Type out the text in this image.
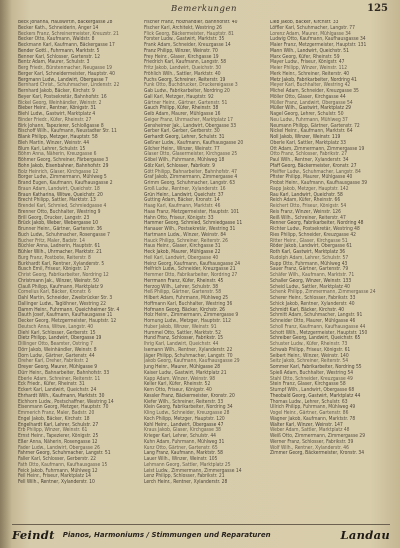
Bemerkungen	125

Beck Johanna, Hauswirtin, Bäckergasse 28

Becker Kath., Schneiderin, Anger 14

Beckers Franz, Schreinermeister, Kreuzstr. 21

Becker Otto, Kaufmann, Waldstr. 8

Beckmann Karl, Kaufmann, Bäckergasse 17

Bender Gottl., Fuhrmann, Marktstr. 5

Benner Karl, Schlosser, Gartenstr. 12

Bentz Adam, Maurer, Schulstr. 3

Berg Friedr., Bürstenmacher, Neugasse 19

Berger Karl, Schneidermeister, Hauptstr. 40

Bergmann Ludw., Landwirt, Obergasse 7

Bernhard Christ., Schuhmacher, Lindenstr. 22

Bernhard Jakob, Bäcker, Kirchstr. 9

Beyer Karl, Postsekretär, Bahnhofstr. 16

Bickel Georg, Weinhändler, Weinstr. 2

Bieber Heinr., Rentner, Königstr. 31

Biehl Ludw., Gastwirt, Marktplatz 4

Binder Friedr., Küfer, Rheinstr. 27

Birk Johann, Tapezierer, Schloßgasse 8

Bischoff Wilh., Kaufmann, Neustadter Str. 11

Blank Philipp, Metzger, Hauptstr. 58

Bleh Martin, Winzer, Weinstr. 44

Blum Karl, Lehrer, Schulstr. 15

Böhm Anna, Näherin, Kreuzgasse 6

Böhmer Georg, Schreiner, Färbergasse 3

Bohn Jakob, Eisenbahner, Bahnhofstr. 29

Bolz Heinrich, Glaser, Kirchgasse 12

Borger Ludw., Zimmermann, Mühlweg 5

Brand Eugen, Kaufmann, Kaufhausgasse 2

Braun Adam, Landwirt, Queichstr. 18

Braun Katharina, Witwe, Queichstr. 20

Brecht Philipp, Sattler, Marktstr. 13

Brendel Karl, Schmied, Schmiedgasse 4

Brenner Otto, Buchhalter, Westring 9

Brill Georg, Drucker, Langstr. 23

Brück Jakob, Weber, Webergasse 10

Brunner Heinr., Gärtner, Gartenstr. 36

Buch Ludw., Schuhmacher, Rosengasse 7

Bucher Fritz, Maler, Badstr. 14

Büchler Anna, Ladnerin, Hauptstr. 61

Bühler Wilh., Uhrmacher, Marktstr. 21

Burg Franz, Postbote, Reiterstr. 8

Burkhardt Karl, Rentner, Xylanderstr. 5

Busch Emil, Friseur, Königstr. 17

Christ Georg, Fabrikarbeiter, Nordring 12

Christmann Jak., Winzer, Weinstr. 50

Clauß Philipp, Kaufmann, Marktplatz 9

Cornelius Karl, Bäcker, Kronstr. 6

Dahl Martin, Schneider, Zweibrücker Str. 3

Dallinger Ludw., Taglöhner, Westring 22

Damm Heinr., Fuhrmann, Queichheimer Str. 4

Dauth Josef, Kaufmann, Kaufhausgasse 11

Decker Georg, Metzgermeister, Hauptstr. 12

Deutsch Anna, Witwe, Langstr. 40

Diehl Karl, Schlosser, Gerberstr. 15

Dietz Philipp, Landwirt, Obergasse 19

Dillinger Otto, Beamter, Ostring 7

Dörr Jakob, Weinhändler, Weinstr. 8

Dorn Ludw., Gärtner, Gartenstr. 44

Dreher Karl, Dreher, Fabrikstr. 2

Dreyer Georg, Maurer, Mühlgasse 9

Dürr Heinr., Bahnarbeiter, Bahnhofstr. 33

Eberle Adam, Schreiner, Reiterstr. 11

Eck Friedr., Küfer, Rheinstr. 31

Eckert Karl, Landwirt, Queichstr. 24

Ehrhardt Wilh., Kaufmann, Marktstr. 30

Eichhorn Ludw., Postschaffner, Westring 14

Eisenmann Georg, Metzger, Hauptstr. 70

Emmerich Franz, Maler, Badstr. 20

Engel Jakob, Bäcker, Kirchstr. 18

Engelhardt Karl, Lehrer, Schulstr. 27

Erb Philipp, Winzer, Weinstr. 61

Ernst Heinr., Tapezierer, Königstr. 25

Eßer Anna, Näherin, Rosengasse 12

Fader Ludw., Landwirt, Obergasse 26

Fahrner Georg, Schuhmacher, Langstr. 51

Faller Karl, Schlosser, Gerberstr. 22

Fath Otto, Kaufmann, Kaufhausgasse 15

Feick Jakob, Fuhrmann, Mühlweg 12

Feil Heinr., Friseur, Marktplatz 14

Fell Wilh., Rentner, Xylanderstr. 10

Fischer Franz, Holzhändler, Bahnhofstr. 40

Fischer Karl, Architekt, Westring 26

Flick Georg, Bäckermeister, Hauptstr. 81

Forster Ludw., Gastwirt, Marktstr. 35

Frank Adam, Schneider, Kreuzgasse 14

Franz Philipp, Winzer, Weinstr. 70

Frey Heinr., Glaser, Kirchgasse 19

Friedrich Karl, Kaufmann, Langstr. 58

Fritz Jakob, Landwirt, Queichstr. 30

Fröhlich Wilh., Sattler, Marktstr. 40

Fuchs Georg, Schreiner, Reiterstr. 19

Funk Otto, Buchdrucker, Druckereigasse 3

Gab Ludw., Fabrikarbeiter, Nordring 20

Gall Karl, Metzger, Hauptstr. 92

Gärtner Heinr., Gärtner, Gartenstr. 51

Gauch Philipp, Küfer, Rheinstr. 38

Geib Adam, Maurer, Mühlgasse 16

Geiger Franz, Uhrmacher, Marktplatz 17

Gensheimer Jak., Landwirt, Obergasse 33

Gerber Karl, Gerber, Gerberstr. 30

Gerhardt Georg, Lehrer, Schulstr. 31

Geßner Ludw., Kaufmann, Kaufhausgasse 20

Gilcher Heinr., Winzer, Weinstr. 77

Glaser Otto, Glasermeister, Kirchgasse 25

Göbel Wilh., Fuhrmann, Mühlweg 18

Gölz Karl, Schlosser, Fabrikstr. 9

Gött Philipp, Bahnarbeiter, Bahnhofstr. 47

Graf Jakob, Zimmermann, Zimmergasse 4

Grimm Georg, Schuhmacher, Langstr. 63

Groß Ludw., Rentner, Xylanderstr. 16

Grün Heinr., Landwirt, Queichstr. 37

Gutting Adam, Bäcker, Kronstr. 14

Haag Karl, Kaufmann, Marktstr. 46

Haas Franz, Metzgermeister, Hauptstr. 101

Hahn Otto, Friseur, Königstr. 33

Hammer Georg, Schmied, Schmiedgasse 11

Hanauer Wilh., Postsekretär, Westring 31

Hartmann Ludw., Winzer, Weinstr. 84

Hauck Philipp, Schreiner, Reiterstr. 26

Haus Heinr., Glaser, Kirchgasse 31

Heck Jakob, Maurer, Mühlgasse 22

Heil Karl, Landwirt, Obergasse 40

Heinz Georg, Kaufmann, Kaufhausgasse 24

Helfrich Ludw., Schneider, Kreuzgasse 21

Hemmer Otto, Fabrikarbeiter, Nordring 27

Herrmann Franz, Küfer, Rheinstr. 45

Herzog Wilh., Lehrer, Schulstr. 38

Heß Philipp, Gärtner, Gartenstr. 58

Hilbert Adam, Fuhrmann, Mühlweg 25

Hoffmann Karl, Buchhalter, Westring 36

Hofmann Georg, Bäcker, Kirchstr. 26

Holz Heinr., Zimmermann, Zimmergasse 9

Hornung Ludw., Metzger, Hauptstr. 112

Huber Jakob, Winzer, Weinstr. 91

Hummel Otto, Sattler, Marktstr. 52

Hund Franz, Schlosser, Fabrikstr. 15

Ihrig Karl, Landwirt, Queichstr. 44

Isemann Wilh., Rentner, Xylanderstr. 22

Jäger Philipp, Schuhmacher, Langstr. 70

Jakob Georg, Kaufmann, Kaufhausgasse 29

Jung Heinr., Maurer, Mühlgasse 28

Kaiser Ludw., Gastwirt, Marktplatz 21

Kapp Adam, Winzer, Weinstr. 98

Keller Karl, Küfer, Rheinstr. 52

Kern Otto, Friseur, Königstr. 40

Kessler Franz, Bäckermeister, Kronstr. 20

Kiefer Wilh., Schreiner, Reiterstr. 33

Klein Georg, Fabrikarbeiter, Nordring 34

Kling Ludw., Schneider, Kreuzgasse 28

Koch Philipp, Metzger, Hauptstr. 120

Kohl Heinr., Landwirt, Obergasse 47

Kraus Jakob, Glaser, Kirchgasse 38

Krieger Karl, Lehrer, Schulstr. 44

Kuhn Adam, Fuhrmann, Mühlweg 31

Kunz Otto, Gärtner, Gartenstr. 65

Lang Franz, Kaufmann, Marktstr. 58

Lauer Wilh., Winzer, Weinstr. 105

Lehmann Georg, Sattler, Marktplatz 25

Leist Ludw., Zimmermann, Zimmergasse 14

Lenz Philipp, Schlosser, Fabrikstr. 21

Lerch Heinr., Rentner, Xylanderstr. 28

Lieb Jakob, Bäcker, Kirchstr. 33

Löffler Karl, Schuhmacher, Langstr. 77

Lorenz Adam, Maurer, Mühlgasse 34

Ludwig Otto, Kaufmann, Kaufhausgasse 34

Maier Franz, Metzgermeister, Hauptstr. 131

Mann Wilh., Landwirt, Queichstr. 51

Marx Georg, Küfer, Rheinstr. 59

Mayer Ludw., Friseur, Königstr. 47

Meier Philipp, Winzer, Weinstr. 112

Merk Heinr., Schreiner, Reiterstr. 40

Metz Jakob, Fabrikarbeiter, Nordring 41

Meyer Karl, Buchhalter, Westring 42

Michel Adam, Schneider, Kreuzgasse 35

Möller Otto, Glaser, Kirchgasse 44

Müller Franz, Landwirt, Obergasse 54

Müller Wilh., Gastwirt, Marktplatz 29

Nagel Georg, Lehrer, Schulstr. 50

Neu Ludw., Fuhrmann, Mühlweg 37

Neumann Philipp, Gärtner, Gartenstr. 72

Nickel Heinr., Kaufmann, Marktstr. 64

Noll Jakob, Winzer, Weinstr. 119

Oberle Karl, Sattler, Marktplatz 33

Ott Adam, Zimmermann, Zimmergasse 19

Otto Franz, Schlosser, Fabrikstr. 27

Paul Wilh., Rentner, Xylanderstr. 34

Pfaff Georg, Bäckermeister, Kronstr. 27

Pfeiffer Ludw., Schuhmacher, Langstr. 84

Pfister Philipp, Maurer, Mühlgasse 40

Probst Heinr., Kaufmann, Kaufhausgasse 39

Rapp Jakob, Metzger, Hauptstr. 142

Rau Karl, Landwirt, Queichstr. 58

Reich Adam, Küfer, Rheinstr. 66

Reichert Otto, Friseur, Königstr. 54

Reis Franz, Winzer, Weinstr. 126

Reiß Wilh., Schreiner, Reiterstr. 47

Renner Georg, Fabrikarbeiter, Nordring 48

Richter Ludw., Postsekretär, Westring 48

Ries Philipp, Schneider, Kreuzgasse 42

Ritter Heinr., Glaser, Kirchgasse 51

Röder Jakob, Landwirt, Obergasse 61

Roth Karl, Gastwirt, Marktplatz 36

Rudolph Adam, Lehrer, Schulstr. 57

Rupp Otto, Fuhrmann, Mühlweg 43

Sauer Franz, Gärtner, Gartenstr. 79

Schäfer Wilh., Kaufmann, Marktstr. 71

Schaller Georg, Winzer, Weinstr. 133

Scheid Ludw., Sattler, Marktplatz 40

Schenk Philipp, Zimmermann, Zimmergasse 24

Scherer Heinr., Schlosser, Fabrikstr. 33

Schick Jakob, Rentner, Xylanderstr. 40

Schmidt Karl, Bäcker, Kirchstr. 40

Schmitt Adam, Schuhmacher, Langstr. 91

Schneider Otto, Maurer, Mühlgasse 46

Scholl Franz, Kaufmann, Kaufhausgasse 44

Schott Wilh., Metzgermeister, Hauptstr. 150

Schreiber Georg, Landwirt, Queichstr. 65

Schuster Ludw., Küfer, Rheinstr. 73

Schwab Philipp, Friseur, Königstr. 61

Seibert Heinr., Winzer, Weinstr. 140

Seitz Jakob, Schreiner, Reiterstr. 54

Sommer Karl, Fabrikarbeiter, Nordring 55

Spieß Adam, Buchhalter, Westring 54

Stahl Otto, Schneider, Kreuzgasse 49

Stein Franz, Glaser, Kirchgasse 58

Stumpf Wilh., Landwirt, Obergasse 68

Theobald Georg, Gastwirt, Marktplatz 44

Thomas Ludw., Lehrer, Schulstr. 63

Ullrich Philipp, Fuhrmann, Mühlweg 49

Vogel Heinr., Gärtner, Gartenstr. 86

Wagner Jakob, Kaufmann, Marktstr. 78

Walter Karl, Winzer, Weinstr. 147

Weber Adam, Sattler, Marktplatz 48

Weiß Otto, Zimmermann, Zimmergasse 29

Werner Franz, Schlosser, Fabrikstr. 39

Wolf Wilh., Rentner, Xylanderstr. 46

Zimmer Georg, Bäckermeister, Kronstr. 34

Feindt Pianos, Harmoniums / Stimmungen und Reparaturen	Landau
